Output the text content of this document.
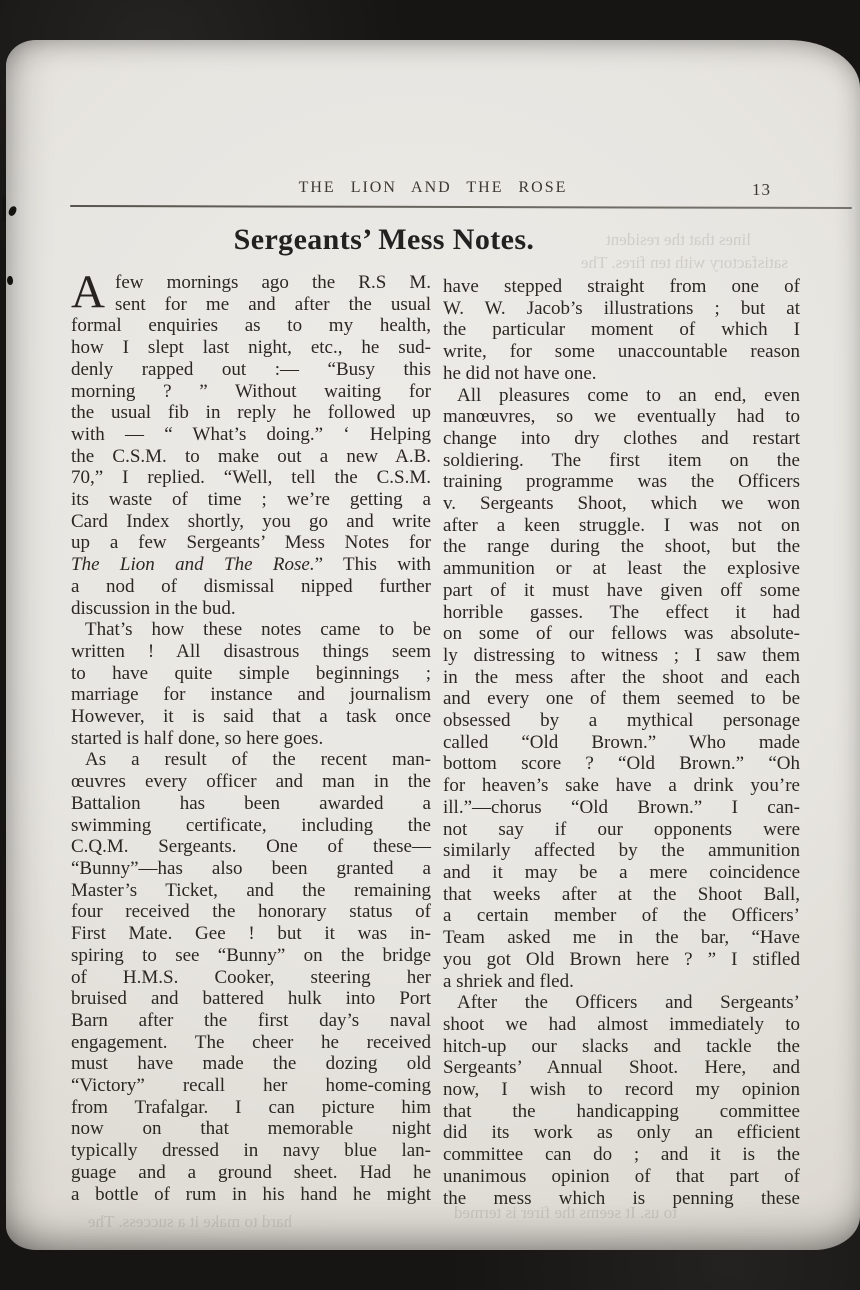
THE LION AND THE ROSE	13
Sergeants’ Mess Notes.
A few mornings ago the R.S M.
sent for me and after the usual
formal enquiries as to my health,
how I slept last night, etc., he sud-
denly rapped out :— “Busy this
morning ? ” Without waiting for
the usual fib in reply he followed up
with — “ What’s doing.” ‘ Helping
the C.S.M. to make out a new A.B.
70,” I replied. “Well, tell the C.S.M.
its waste of time ; we’re getting a
Card Index shortly, you go and write
up a few Sergeants’ Mess Notes for
The Lion and The Rose.” This with
a nod of dismissal nipped further
discussion in the bud.
That’s how these notes came to be
written ! All disastrous things seem
to have quite simple beginnings ;
marriage for instance and journalism
However, it is said that a task once
started is half done, so here goes.
As a result of the recent man-
œuvres every officer and man in the
Battalion has been awarded a
swimming certificate, including the
C.Q.M. Sergeants. One of these—
“Bunny”—has also been granted a
Master’s Ticket, and the remaining
four received the honorary status of
First Mate. Gee ! but it was in-
spiring to see “Bunny” on the bridge
of H.M.S. Cooker, steering her
bruised and battered hulk into Port
Barn after the first day’s naval
engagement. The cheer he received
must have made the dozing old
“Victory” recall her home-coming
from Trafalgar. I can picture him
now on that memorable night
typically dressed in navy blue lan-
guage and a ground sheet. Had he
a bottle of rum in his hand he might
have stepped straight from one of
W. W. Jacob’s illustrations ; but at
the particular moment of which I
write, for some unaccountable reason
he did not have one.
All pleasures come to an end, even
manœuvres, so we eventually had to
change into dry clothes and restart
soldiering. The first item on the
training programme was the Officers
v. Sergeants Shoot, which we won
after a keen struggle. I was not on
the range during the shoot, but the
ammunition or at least the explosive
part of it must have given off some
horrible gasses. The effect it had
on some of our fellows was absolute-
ly distressing to witness ; I saw them
in the mess after the shoot and each
and every one of them seemed to be
obsessed by a mythical personage
called “Old Brown.” Who made
bottom score ? “Old Brown.” “Oh
for heaven’s sake have a drink you’re
ill.”—chorus “Old Brown.” I can-
not say if our opponents were
similarly affected by the ammunition
and it may be a mere coincidence
that weeks after at the Shoot Ball,
a certain member of the Officers’
Team asked me in the bar, “Have
you got Old Brown here ? ” I stifled
a shriek and fled.
After the Officers and Sergeants’
shoot we had almost immediately to
hitch-up our slacks and tackle the
Sergeants’ Annual Shoot. Here, and
now, I wish to record my opinion
that the handicapping committee
did its work as only an efficient
committee can do ; and it is the
unanimous opinion of that part of
the mess which is penning these
lines that the resident
satisfactory with ten fires. The
hard to make it a success. The	to us. It seems the firer is termed
